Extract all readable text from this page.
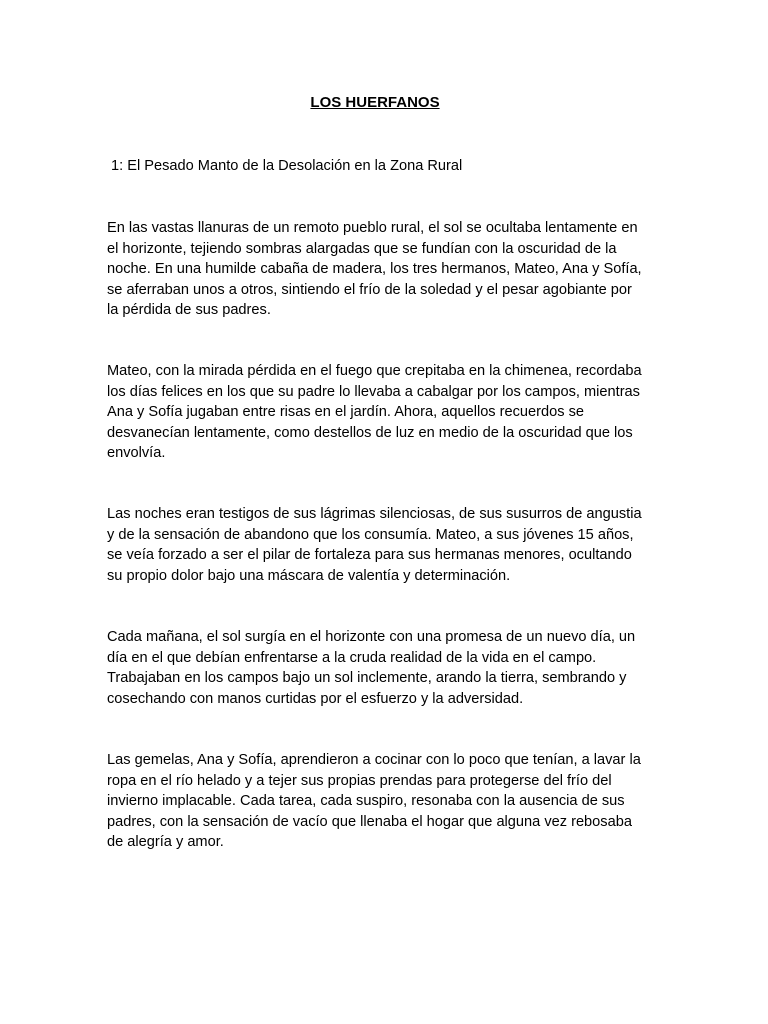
LOS HUERFANOS
1: El Pesado Manto de la Desolación en la Zona Rural

En las vastas llanuras de un remoto pueblo rural, el sol se ocultaba lentamente en
el horizonte, tejiendo sombras alargadas que se fundían con la oscuridad de la
noche. En una humilde cabaña de madera, los tres hermanos, Mateo, Ana y Sofía,
se aferraban unos a otros, sintiendo el frío de la soledad y el pesar agobiante por
la pérdida de sus padres.

Mateo, con la mirada pérdida en el fuego que crepitaba en la chimenea, recordaba
los días felices en los que su padre lo llevaba a cabalgar por los campos, mientras
Ana y Sofía jugaban entre risas en el jardín. Ahora, aquellos recuerdos se
desvanecían lentamente, como destellos de luz en medio de la oscuridad que los
envolvía.

Las noches eran testigos de sus lágrimas silenciosas, de sus susurros de angustia
y de la sensación de abandono que los consumía. Mateo, a sus jóvenes 15 años,
se veía forzado a ser el pilar de fortaleza para sus hermanas menores, ocultando
su propio dolor bajo una máscara de valentía y determinación.

Cada mañana, el sol surgía en el horizonte con una promesa de un nuevo día, un
día en el que debían enfrentarse a la cruda realidad de la vida en el campo.
Trabajaban en los campos bajo un sol inclemente, arando la tierra, sembrando y
cosechando con manos curtidas por el esfuerzo y la adversidad.

Las gemelas, Ana y Sofía, aprendieron a cocinar con lo poco que tenían, a lavar la
ropa en el río helado y a tejer sus propias prendas para protegerse del frío del
invierno implacable. Cada tarea, cada suspiro, resonaba con la ausencia de sus
padres, con la sensación de vacío que llenaba el hogar que alguna vez rebosaba
de alegría y amor.
